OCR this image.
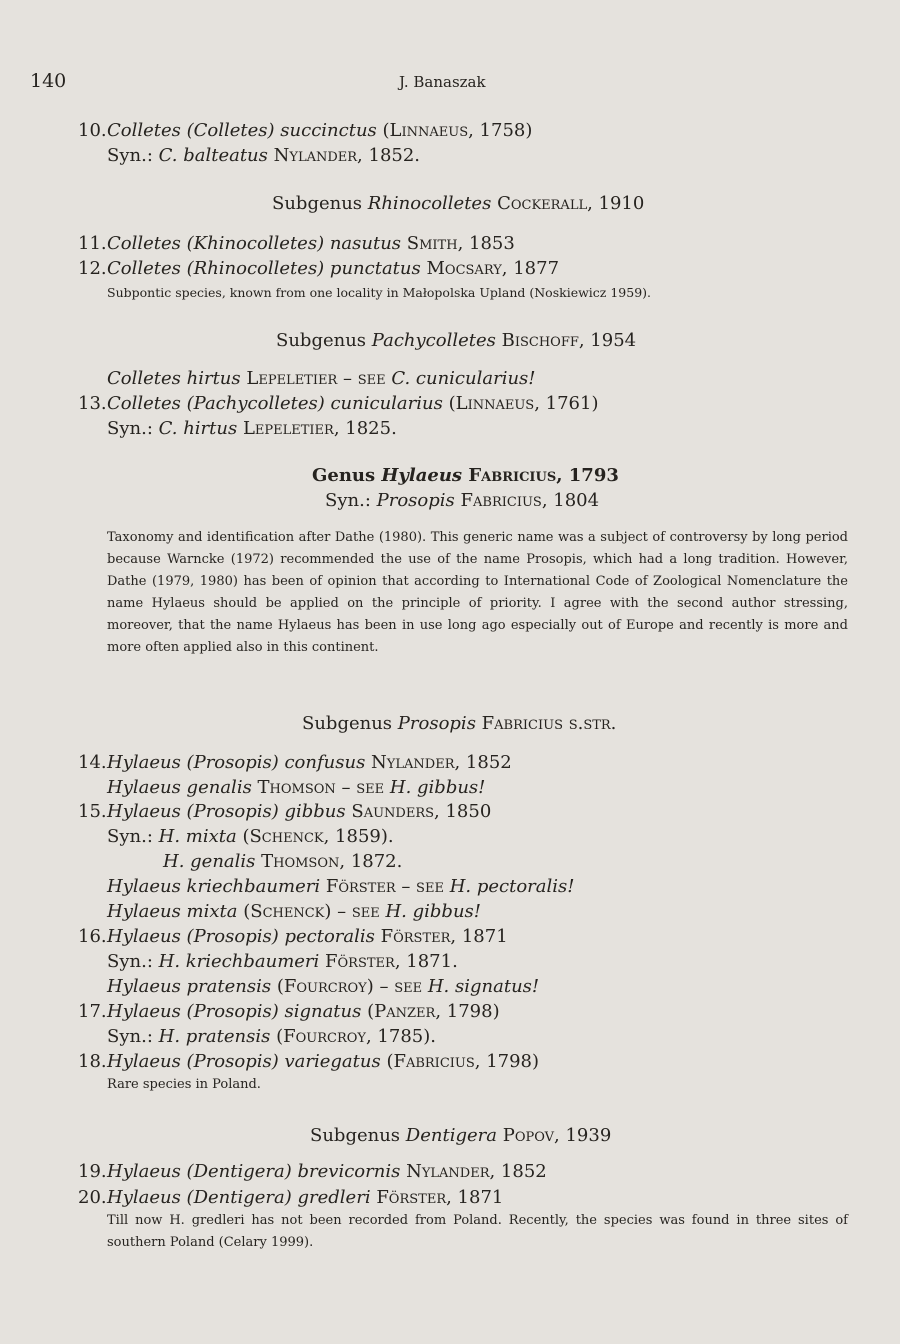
140	J. Banaszak
10.Colletes (Colletes) succinctus (Linnaeus, 1758)
Syn.: C. balteatus Nylander, 1852.
Subgenus Rhinocolletes Cockerall, 1910
11.Colletes (Khinocolletes) nasutus Smith, 1853
12.Colletes (Rhinocolletes) punctatus Mocsary, 1877
Subpontic species, known from one locality in Małopolska Upland (Noskiewicz 1959).
Subgenus Pachycolletes Bischoff, 1954
Colletes hirtus Lepeletier – see C. cunicularius!
13.Colletes (Pachycolletes) cunicularius (Linnaeus, 1761)
Syn.: C. hirtus Lepeletier, 1825.
Genus Hylaeus Fabricius, 1793
Syn.: Prosopis Fabricius, 1804
Taxonomy and identification after Dathe (1980). This generic name was a subject of controversy by long period because Warncke (1972) recommended the use of the name Prosopis, which had a long tradition. However, Dathe (1979, 1980) has been of opinion that according to International Code of Zoological Nomenclature the name Hylaeus should be applied on the principle of priority. I agree with the second author stressing, moreover, that the name Hylaeus has been in use long ago especially out of Europe and recently is more and more often applied also in this continent.
Subgenus Prosopis Fabricius s.str.
14.Hylaeus (Prosopis) confusus Nylander, 1852
Hylaeus genalis Thomson – see H. gibbus!
15.Hylaeus (Prosopis) gibbus Saunders, 1850
Syn.: H. mixta (Schenck, 1859).
H. genalis Thomson, 1872.
Hylaeus kriechbaumeri Förster – see H. pectoralis!
Hylaeus mixta (Schenck) – see H. gibbus!
16.Hylaeus (Prosopis) pectoralis Förster, 1871
Syn.: H. kriechbaumeri Förster, 1871.
Hylaeus pratensis (Fourcroy) – see H. signatus!
17.Hylaeus (Prosopis) signatus (Panzer, 1798)
Syn.: H. pratensis (Fourcroy, 1785).
18.Hylaeus (Prosopis) variegatus (Fabricius, 1798)
Rare species in Poland.
Subgenus Dentigera Popov, 1939
19.Hylaeus (Dentigera) brevicornis Nylander, 1852
20.Hylaeus (Dentigera) gredleri Förster, 1871
Till now H. gredleri has not been recorded from Poland. Recently, the species was found in three sites of southern Poland (Celary 1999).
